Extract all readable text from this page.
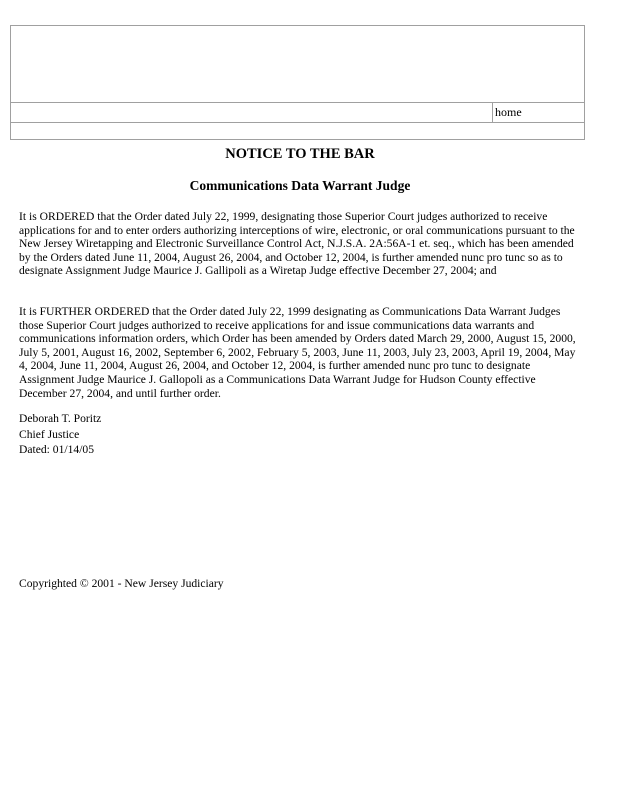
home
NOTICE TO THE BAR
Communications Data Warrant Judge

It is ORDERED that the Order dated July 22, 1999, designating those Superior Court judges authorized to receive applications for and to enter orders authorizing interceptions of wire, electronic, or oral communications pursuant to the New Jersey Wiretapping and Electronic Surveillance Control Act, N.J.S.A. 2A:56A-1 et. seq., which has been amended by the Orders dated June 11, 2004, August 26, 2004, and October 12, 2004, is further amended nunc pro tunc so as to designate Assignment Judge Maurice J. Gallipoli as a Wiretap Judge effective December 27, 2004; and

It is FURTHER ORDERED that the Order dated July 22, 1999 designating as Communications Data Warrant Judges those Superior Court judges authorized to receive applications for and issue communications data warrants and communications information orders, which Order has been amended by Orders dated March 29, 2000, August 15, 2000, July 5, 2001, August 16, 2002, September 6, 2002, February 5, 2003, June 11, 2003, July 23, 2003, April 19, 2004, May 4, 2004, June 11, 2004, August 26, 2004, and October 12, 2004, is further amended nunc pro tunc to designate Assignment Judge Maurice J. Gallopoli as a Communications Data Warrant Judge for Hudson County effective December 27, 2004, and until further order.

Deborah T. Poritz
Chief Justice
Dated: 01/14/05
Copyrighted © 2001 - New Jersey Judiciary
